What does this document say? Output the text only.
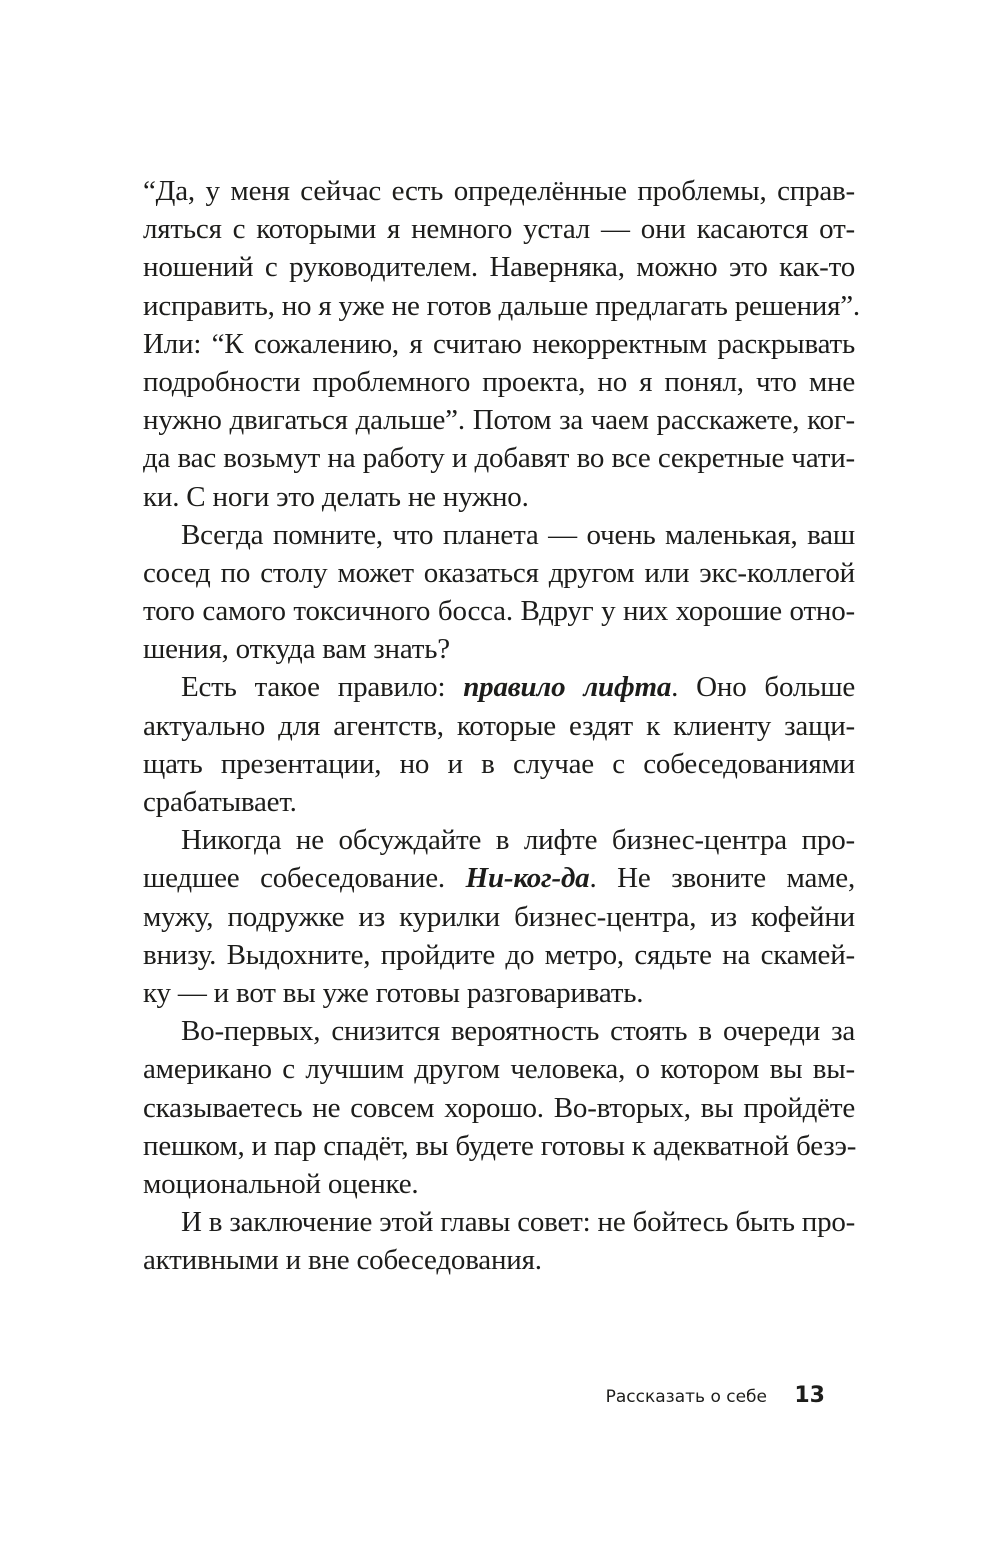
“Да, у меня сейчас есть определённые проблемы, справ-
ляться с которыми я немного устал — они касаются от-
ношений с руководителем. Наверняка, можно это как-то
исправить, но я уже не готов дальше предлагать решения”.
Или: “К сожалению, я считаю некорректным раскрывать
подробности проблемного проекта, но я понял, что мне
нужно двигаться дальше”. Потом за чаем расскажете, ког-
да вас возьмут на работу и добавят во все секретные чати-
ки. С ноги это делать не нужно.
Всегда помните, что планета — очень маленькая, ваш
сосед по столу может оказаться другом или экс-коллегой
того самого токсичного босса. Вдруг у них хорошие отно-
шения, откуда вам знать?
Есть такое правило: правило лифта. Оно больше
актуально для агентств, которые ездят к клиенту защи-
щать презентации, но и в случае с собеседованиями
срабатывает.
Никогда не обсуждайте в лифте бизнес-центра про-
шедшее собеседование. Ни-ког-да. Не звоните маме,
мужу, подружке из курилки бизнес-центра, из кофейни
внизу. Выдохните, пройдите до метро, сядьте на скамей-
ку — и вот вы уже готовы разговаривать.
Во-первых, снизится вероятность стоять в очереди за
американо с лучшим другом человека, о котором вы вы-
сказываетесь не совсем хорошо. Во-вторых, вы пройдёте
пешком, и пар спадёт, вы будете готовы к адекватной безэ-
моциональной оценке.
И в заключение этой главы совет: не бойтесь быть про-
активными и вне собеседования.
Рассказать о себе 13
